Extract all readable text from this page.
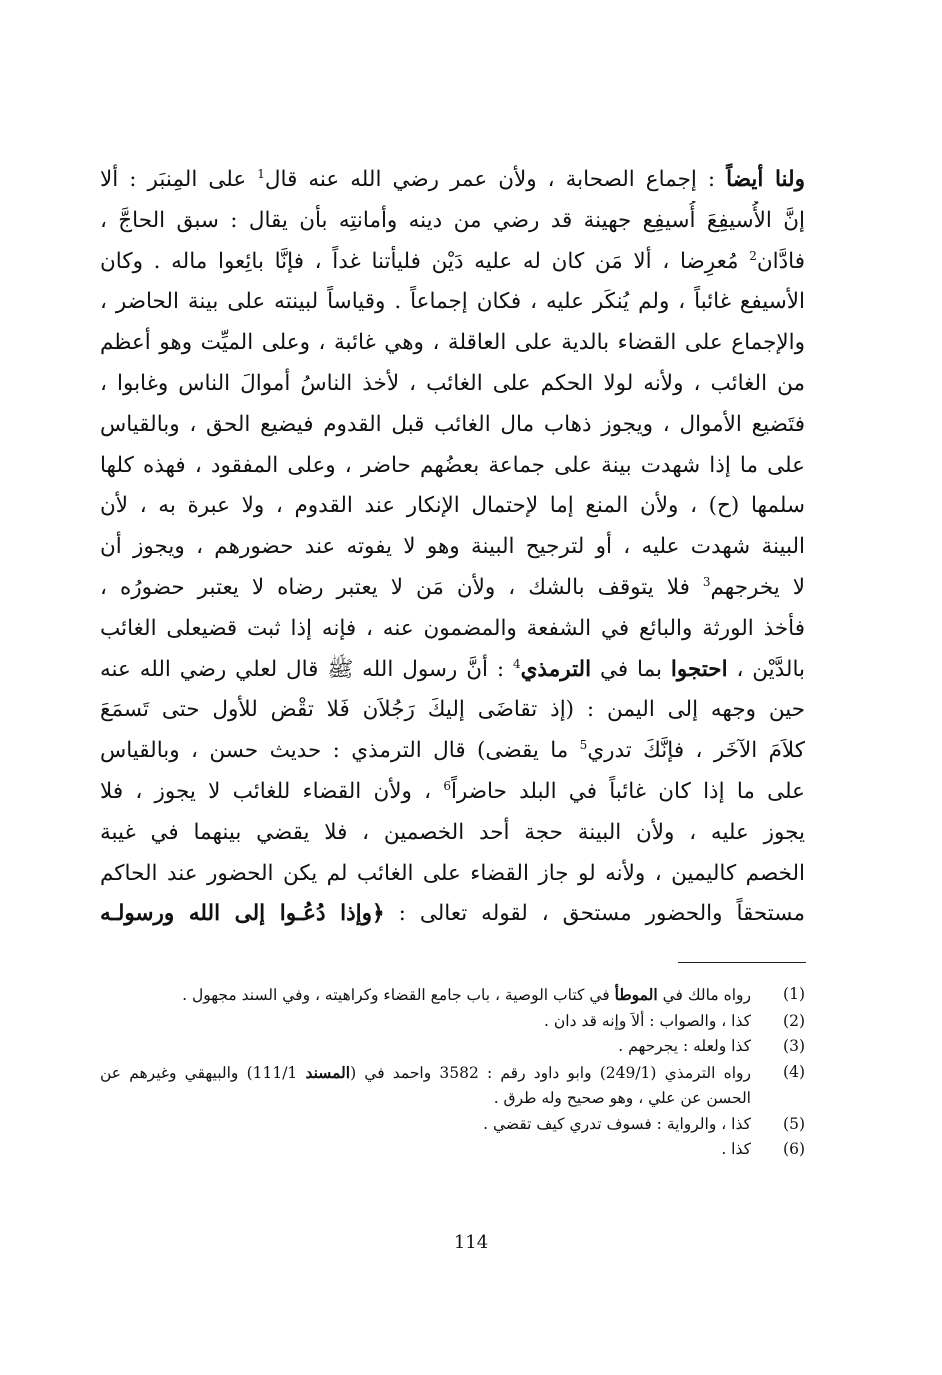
ولنا أيضاً : إجماع الصحابة ، ولأن عمر رضي الله عنه قال$^1$ على المِنبَر : ألا
إنَّ الأُسيفِعَ أُسيفِع جهينة قد رضي من دينه وأمانتِه بأن يقال : سبق الحاجَّ ،
فادَّان$^2$ مُعرِضا ، ألا مَن كان له عليه دَيْن فليأتنا غداً ، فإنَّا بائِعوا ماله . وكان
الأسيفع غائباً ، ولم يُنكَر عليه ، فكان إجماعاً . وقياساً لبينته على بينة الحاضر ،
والإجماع على القضاء بالدية على العاقلة ، وهي غائبة ، وعلى الميِّت وهو أعظم
من الغائب ، ولأنه لولا الحكم على الغائب ، لأخذ الناسُ أموالَ الناس وغابوا ،
فتَضيع الأموال ، ويجوز ذهاب مال الغائب قبل القدوم فيضيع الحق ، وبالقياس
على ما إذا شهدت بينة على جماعة بعضُهم حاضر ، وعلى المفقود ، فهذه كلها
سلمها (ح) ، ولأن المنع إما لإحتمال الإنكار عند القدوم ، ولا عبرة به ، لأن
البينة شهدت عليه ، أو لترجيح البينة وهو لا يفوته عند حضورهم ، ويجوز أن
لا يخرجهم$^3$ فلا يتوقف بالشك ، ولأن مَن لا يعتبر رضاه لا يعتبر حضورُه ،
فأخذ الورثة والبائع في الشفعة والمضمون عنه ، فإنه إذا ثبت قضيعلى الغائب
بالدَّيْن ، احتجوا بما في الترمذي$^4$ : أنَّ رسول الله ﷺ قال لعلي رضي الله عنه
حين وجهه إلى اليمن : (إذ تقاضَى إليكَ رَجُلاَن فَلا تقْض للأول حتى تَسمَعَ
كلاَمَ الآخَر ، فإنَّكَ تدري$^5$ ما يقضى) قال الترمذي : حديث حسن ، وبالقياس
على ما إذا كان غائباً في البلد حاضراً$^6$ ، ولأن القضاء للغائب لا يجوز ، فلا
يجوز عليه ، ولأن البينة حجة أحد الخصمين ، فلا يقضي بينهما في غيبة
الخصم كاليمين ، ولأنه لو جاز القضاء على الغائب لم يكن الحضور عند الحاكم
مستحقاً والحضور مستحق ، لقوله تعالى : ﴿وإذا دُعُـوا إلى الله ورسولـه
(1)
رواه مالك في الموطأ في كتاب الوصية ، باب جامع القضاء وكراهيته ، وفي السند مجهول .
(2)
كذا ، والصواب : ألاَ وإنه قد دان .
(3)
كذا ولعله : يجرحهم .
(4)
رواه الترمذي (249/1) وابو داود رقم : 3582 واحمد في (المسند 111/1) والبيهقي وغيرهم عن الحسن عن علي ، وهو صحيح وله طرق .
(5)
كذا ، والرواية : فسوف تدري كيف تقضي .
(6)
كذا .
114
